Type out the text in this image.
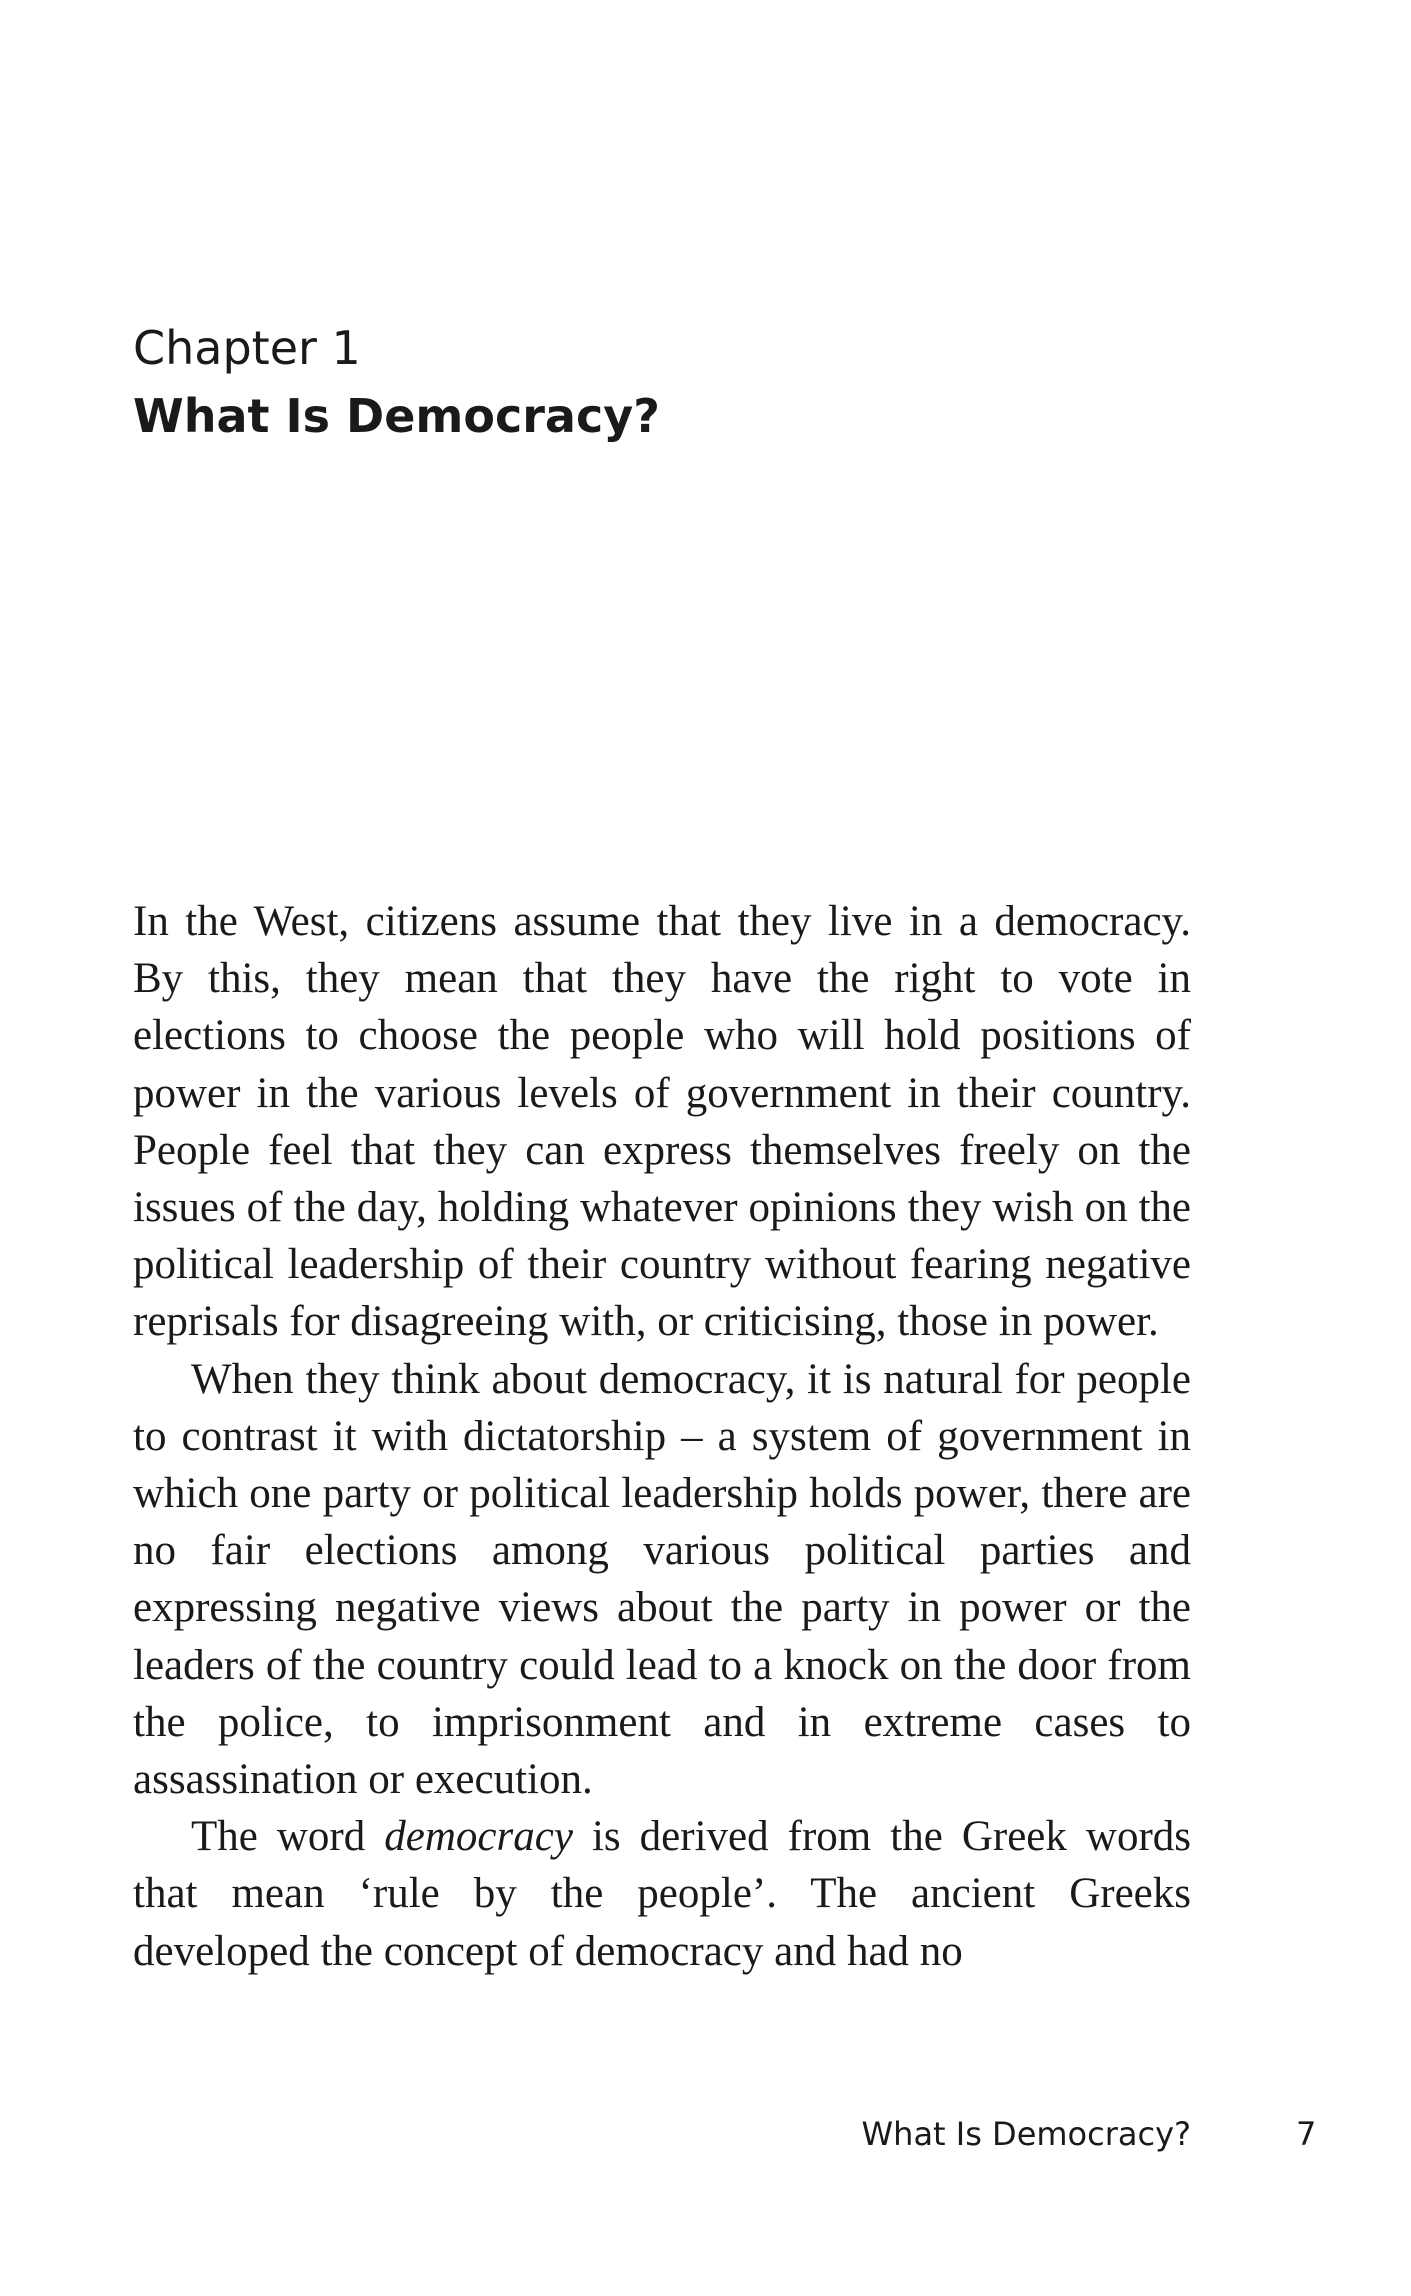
Chapter 1
What Is Democracy?

In the West, citizens assume that they live in a democracy. By this, they mean that they have the right to vote in elections to choose the people who will hold positions of power in the various levels of government in their country. People feel that they can express themselves freely on the issues of the day, holding whatever opinions they wish on the political leadership of their country without fearing negative reprisals for disagreeing with, or criticising, those in power.

When they think about democracy, it is natural for people to contrast it with dictatorship – a system of government in which one party or political leadership holds power, there are no fair elections among various political parties and expressing negative views about the party in power or the leaders of the country could lead to a knock on the door from the police, to imprisonment and in extreme cases to assassination or execution.

The word democracy is derived from the Greek words that mean ‘rule by the people’. The ancient Greeks developed the concept of democracy and had no

What Is Democracy?	7
